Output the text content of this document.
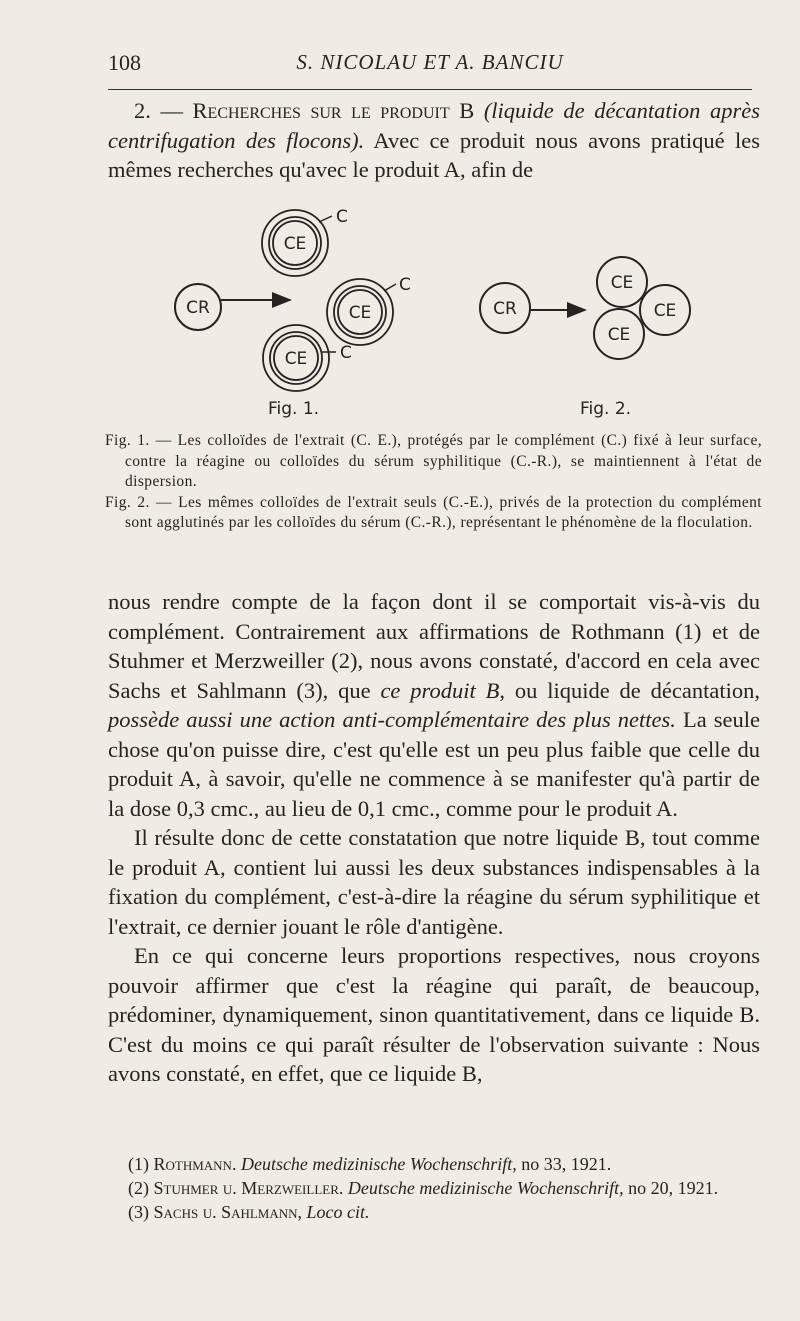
108	S. NICOLAU ET A. BANCIU

2. — Recherches sur le produit B (liquide de décantation après centrifugation des flocons). Avec ce produit nous avons pratiqué les mêmes recherches qu'avec le produit A, afin de

CR
CE
C
CE
C
CE C
Fig. 1.
CR
CE
CE
CE
Fig. 2.

Fig. 1. — Les colloïdes de l'extrait (C. E.), protégés par le complément (C.) fixé à leur surface, contre la réagine ou colloïdes du sérum syphilitique (C.-R.), se maintiennent à l'état de dispersion.

Fig. 2. — Les mêmes colloïdes de l'extrait seuls (C.-E.), privés de la protection du complément sont agglutinés par les colloïdes du sérum (C.-R.), représentant le phénomène de la floculation.

nous rendre compte de la façon dont il se comportait vis-à-vis du complément. Contrairement aux affirmations de Rothmann (1) et de Stuhmer et Merzweiller (2), nous avons constaté, d'accord en cela avec Sachs et Sahlmann (3), que ce produit B, ou liquide de décantation, possède aussi une action anti-complémentaire des plus nettes. La seule chose qu'on puisse dire, c'est qu'elle est un peu plus faible que celle du produit A, à savoir, qu'elle ne commence à se manifester qu'à partir de la dose 0,3 cmc., au lieu de 0,1 cmc., comme pour le produit A.

Il résulte donc de cette constatation que notre liquide B, tout comme le produit A, contient lui aussi les deux substances indispensables à la fixation du complément, c'est-à-dire la réagine du sérum syphilitique et l'extrait, ce dernier jouant le rôle d'antigène.

En ce qui concerne leurs proportions respectives, nous croyons pouvoir affirmer que c'est la réagine qui paraît, de beaucoup, prédominer, dynamiquement, sinon quantitativement, dans ce liquide B. C'est du moins ce qui paraît résulter de l'observation suivante : Nous avons constaté, en effet, que ce liquide B,

(1) Rothmann. Deutsche medizinische Wochenschrift, no 33, 1921.

(2) Stuhmer u. Merzweiller. Deutsche medizinische Wochenschrift, no 20, 1921.

(3) Sachs u. Sahlmann, Loco cit.
